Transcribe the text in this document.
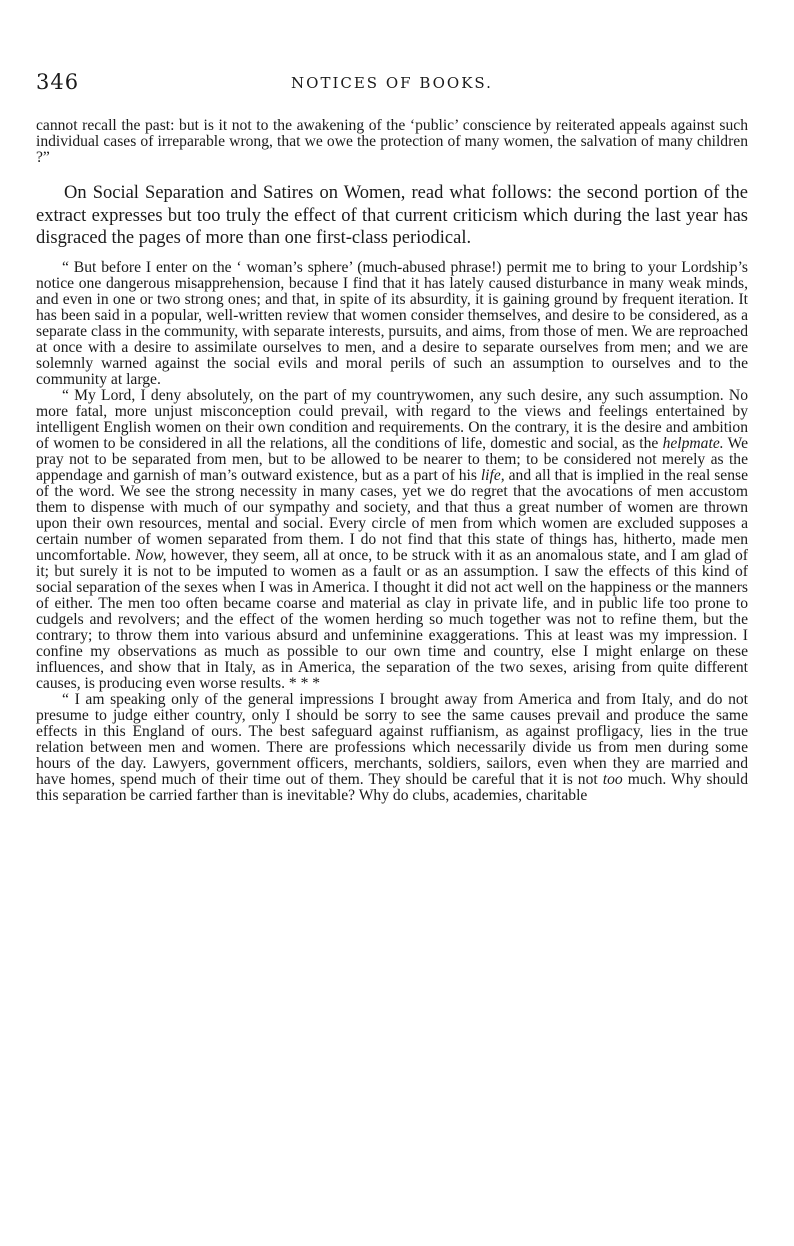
346	NOTICES OF BOOKS.

cannot recall the past: but is it not to the awakening of the ‘public’ conscience by reiterated appeals against such individual cases of irreparable wrong, that we owe the protection of many women, the salvation of many children ?”

On Social Separation and Satires on Women, read what follows: the second portion of the extract expresses but too truly the effect of that current criticism which during the last year has disgraced the pages of more than one first-class periodical.

“ But before I enter on the ‘ woman’s sphere’ (much-abused phrase!) permit me to bring to your Lordship’s notice one dangerous misapprehension, because I find that it has lately caused disturbance in many weak minds, and even in one or two strong ones; and that, in spite of its absurdity, it is gaining ground by frequent iteration. It has been said in a popular, well-written review that women consider themselves, and desire to be considered, as a separate class in the community, with separate interests, pursuits, and aims, from those of men. We are reproached at once with a desire to assimilate ourselves to men, and a desire to separate ourselves from men; and we are solemnly warned against the social evils and moral perils of such an assumption to ourselves and to the community at large.

“ My Lord, I deny absolutely, on the part of my countrywomen, any such desire, any such assumption. No more fatal, more unjust misconception could prevail, with regard to the views and feelings entertained by intelligent English women on their own condition and requirements. On the contrary, it is the desire and ambition of women to be considered in all the relations, all the conditions of life, domestic and social, as the helpmate. We pray not to be separated from men, but to be allowed to be nearer to them; to be considered not merely as the appendage and garnish of man’s outward existence, but as a part of his life, and all that is implied in the real sense of the word. We see the strong necessity in many cases, yet we do regret that the avocations of men accustom them to dispense with much of our sympathy and society, and that thus a great number of women are thrown upon their own resources, mental and social. Every circle of men from which women are excluded supposes a certain number of women separated from them. I do not find that this state of things has, hitherto, made men uncomfortable. Now, however, they seem, all at once, to be struck with it as an anomalous state, and I am glad of it; but surely it is not to be imputed to women as a fault or as an assumption. I saw the effects of this kind of social separation of the sexes when I was in America. I thought it did not act well on the happiness or the manners of either. The men too often became coarse and material as clay in private life, and in public life too prone to cudgels and revolvers; and the effect of the women herding so much together was not to refine them, but the contrary; to throw them into various absurd and unfeminine exaggerations. This at least was my impression. I confine my observations as much as possible to our own time and country, else I might enlarge on these influences, and show that in Italy, as in America, the separation of the two sexes, arising from quite different causes, is producing even worse results. * * *

“ I am speaking only of the general impressions I brought away from America and from Italy, and do not presume to judge either country, only I should be sorry to see the same causes prevail and produce the same effects in this England of ours. The best safeguard against ruffianism, as against profligacy, lies in the true relation between men and women. There are professions which necessarily divide us from men during some hours of the day. Lawyers, government officers, merchants, soldiers, sailors, even when they are married and have homes, spend much of their time out of them. They should be careful that it is not too much. Why should this separation be carried farther than is inevitable? Why do clubs, academies, charitable
